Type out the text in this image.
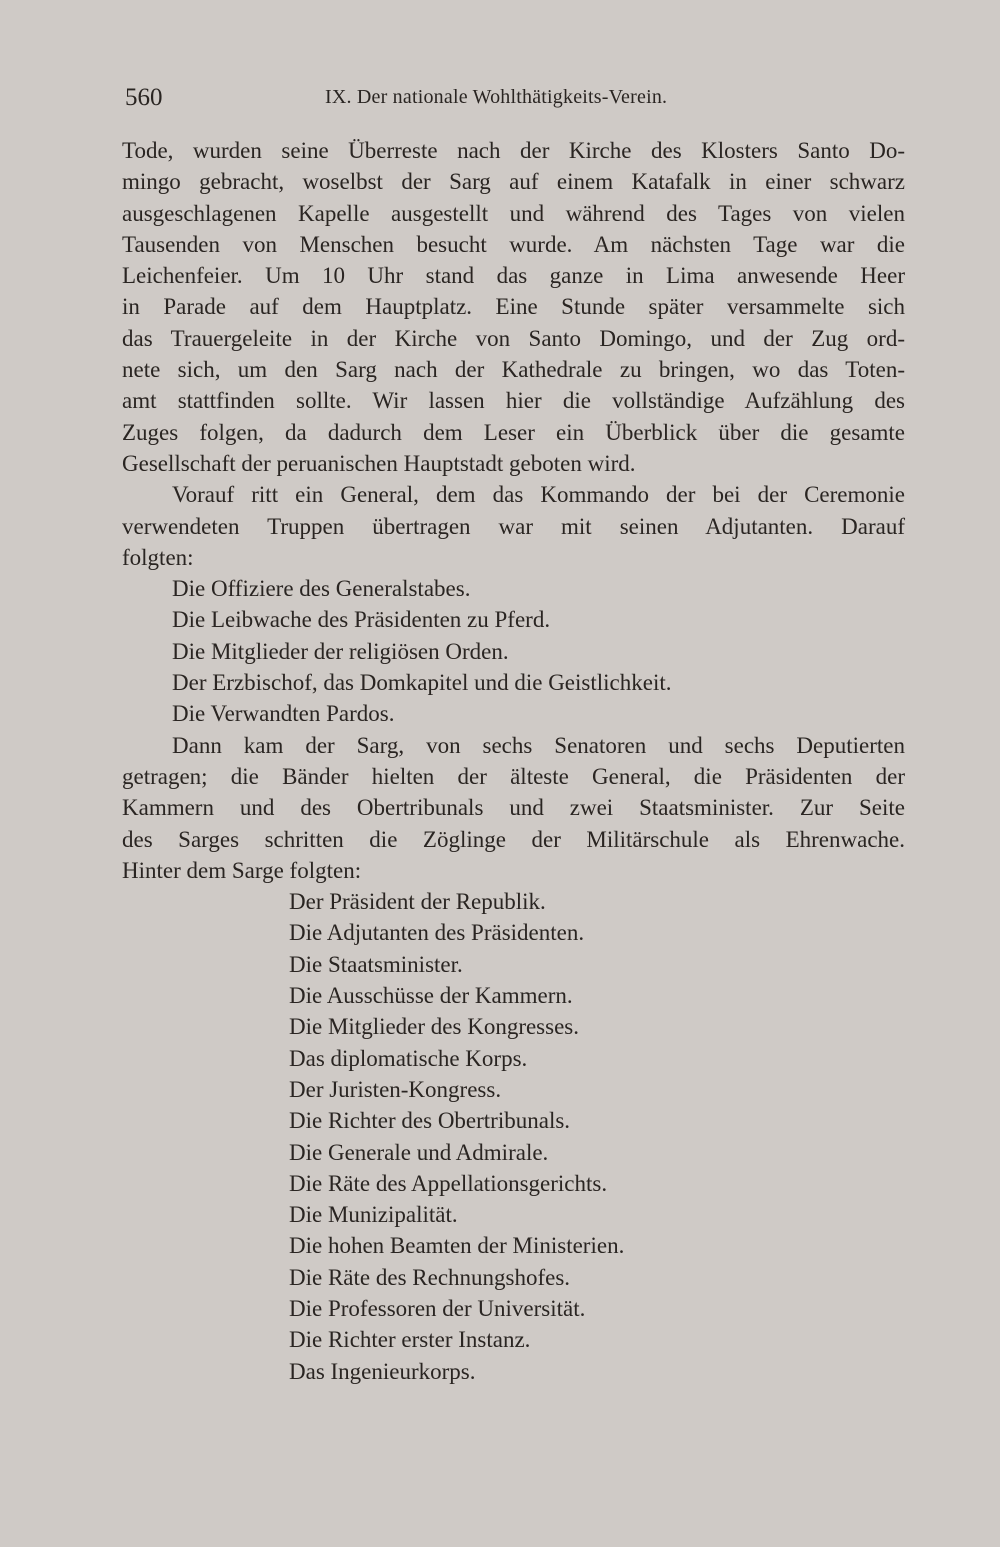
560	IX. Der nationale Wohlthätigkeits-Verein.
Tode, wurden seine Überreste nach der Kirche des Klosters Santo Do-
mingo gebracht, woselbst der Sarg auf einem Katafalk in einer schwarz
ausgeschlagenen Kapelle ausgestellt und während des Tages von vielen
Tausenden von Menschen besucht wurde. Am nächsten Tage war die
Leichenfeier. Um 10 Uhr stand das ganze in Lima anwesende Heer
in Parade auf dem Hauptplatz. Eine Stunde später versammelte sich
das Trauergeleite in der Kirche von Santo Domingo, und der Zug ord-
nete sich, um den Sarg nach der Kathedrale zu bringen, wo das Toten-
amt stattfinden sollte. Wir lassen hier die vollständige Aufzählung des
Zuges folgen, da dadurch dem Leser ein Überblick über die gesamte
Gesellschaft der peruanischen Hauptstadt geboten wird.
Vorauf ritt ein General, dem das Kommando der bei der Ceremonie
verwendeten Truppen übertragen war mit seinen Adjutanten. Darauf
folgten:
Die Offiziere des Generalstabes.
Die Leibwache des Präsidenten zu Pferd.
Die Mitglieder der religiösen Orden.
Der Erzbischof, das Domkapitel und die Geistlichkeit.
Die Verwandten Pardos.
Dann kam der Sarg, von sechs Senatoren und sechs Deputierten
getragen; die Bänder hielten der älteste General, die Präsidenten der
Kammern und des Obertribunals und zwei Staatsminister. Zur Seite
des Sarges schritten die Zöglinge der Militärschule als Ehrenwache.
Hinter dem Sarge folgten:
Der Präsident der Republik.
Die Adjutanten des Präsidenten.
Die Staatsminister.
Die Ausschüsse der Kammern.
Die Mitglieder des Kongresses.
Das diplomatische Korps.
Der Juristen-Kongress.
Die Richter des Obertribunals.
Die Generale und Admirale.
Die Räte des Appellationsgerichts.
Die Munizipalität.
Die hohen Beamten der Ministerien.
Die Räte des Rechnungshofes.
Die Professoren der Universität.
Die Richter erster Instanz.
Das Ingenieurkorps.
